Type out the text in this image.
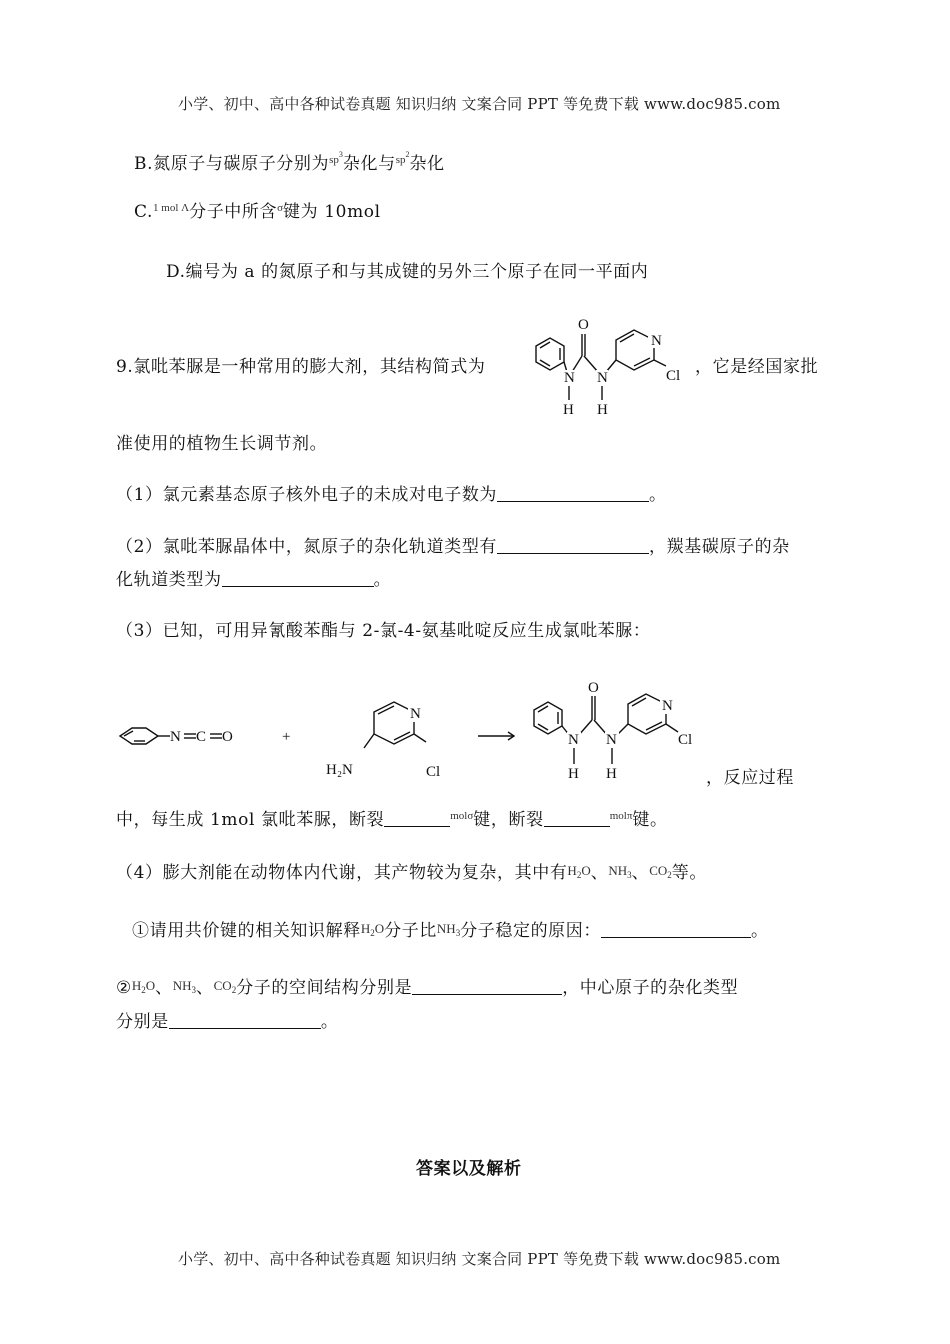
小学、初中、高中各种试卷真题 知识归纳 文案合同 PPT 等免费下载 www.doc985.com
B.氮原子与碳原子分别为$^{sp^3}$杂化与$^{sp^2}$杂化
C.$^{1 mol \Lambda}$分子中所含$^\sigma$键为 10mol
D.编号为 a 的氮原子和与其成键的另外三个原子在同一平面内
9.氯吡苯脲是一种常用的膨大剂，其结构简式为	，它是经国家批
N
O
N N
H H
Cl
准使用的植物生长调节剂。
（1）氯元素基态原子核外电子的未成对电子数为	。
（2）氯吡苯脲晶体中，氮原子的杂化轨道类型有	，羰基碳原子的杂
化轨道类型为	。
（3）已知，可用异氰酸苯酯与 2-氯-4-氨基吡啶反应生成氯吡苯脲：
N C O	+
N
H₂N	Cl
O
N N
H H
N
Cl
，反应过程
中，每生成 1mol 氯吡苯脲，断裂	$^{mol\sigma}$键，断裂	$^{mol\pi}$键。
（4）膨大剂能在动物体内代谢，其产物较为复杂，其中有$H_2O$、$NH_3$、$CO_2$等。
①请用共价键的相关知识解释$H_2O$分子比$NH_3$分子稳定的原因：	。
$②H_2O$、$NH_3$、$CO_2$分子的空间结构分别是	，中心原子的杂化类型
分别是	。
答案以及解析
小学、初中、高中各种试卷真题 知识归纳 文案合同 PPT 等免费下载 www.doc985.com
